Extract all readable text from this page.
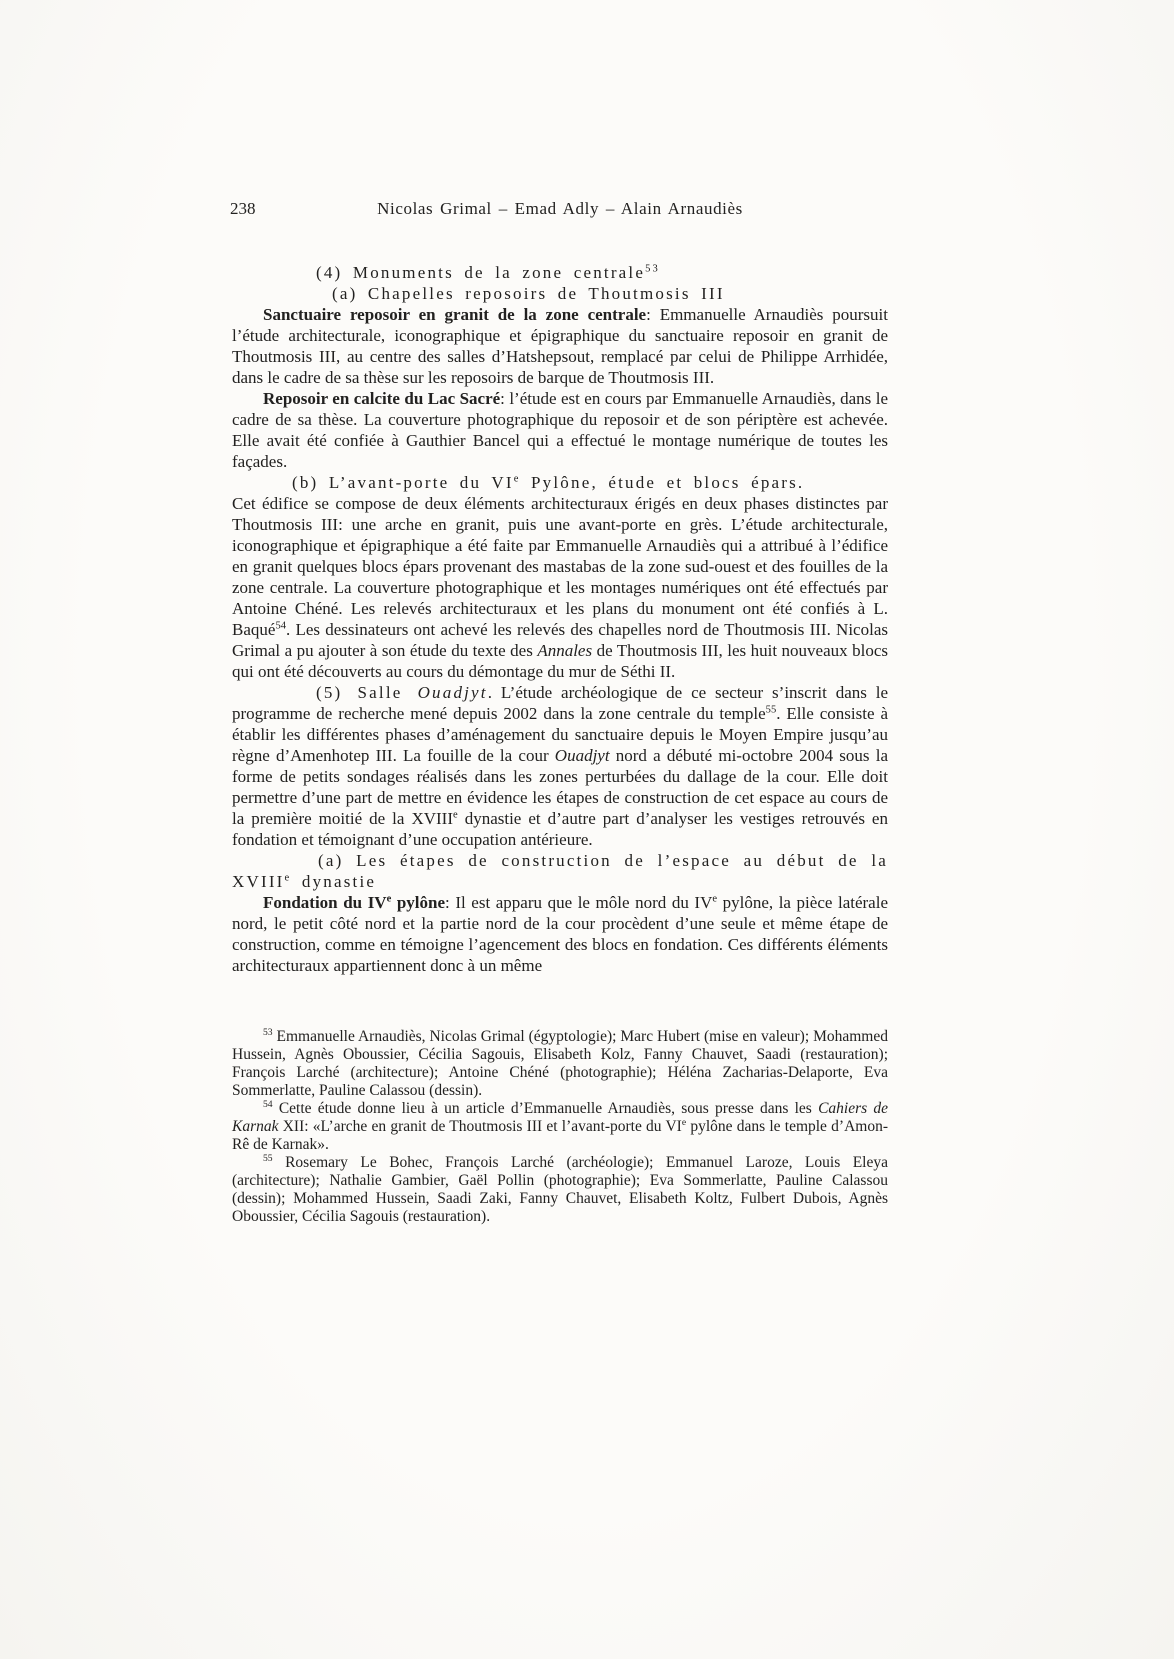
238	Nicolas Grimal – Emad Adly – Alain Arnaudiès
(4) Monuments de la zone centrale$^{53}$
(a) Chapelles reposoirs de Thoutmosis III

Sanctuaire reposoir en granit de la zone centrale: Emmanuelle Arnaudiès poursuit l’étude architecturale, iconographique et épigraphique du sanctuaire reposoir en granit de Thoutmosis III, au centre des salles d’Hatshepsout, remplacé par celui de Philippe Arrhidée, dans le cadre de sa thèse sur les reposoirs de barque de Thoutmosis III.

Reposoir en calcite du Lac Sacré: l’étude est en cours par Emmanuelle Arnaudiès, dans le cadre de sa thèse. La couverture photographique du reposoir et de son périptère est achevée. Elle avait été confiée à Gauthier Bancel qui a effectué le montage numérique de toutes les façades.

(b) L’avant-porte du VIe Pylône, étude et blocs épars.

Cet édifice se compose de deux éléments architecturaux érigés en deux phases distinctes par Thoutmosis III: une arche en granit, puis une avant-porte en grès. L’étude architecturale, iconographique et épigraphique a été faite par Emmanuelle Arnaudiès qui a attribué à l’édifice en granit quelques blocs épars provenant des mastabas de la zone sud-ouest et des fouilles de la zone centrale. La couverture photographique et les montages numériques ont été effectués par Antoine Chéné. Les relevés architecturaux et les plans du monument ont été confiés à L. Baqué$^{54}$. Les dessinateurs ont achevé les relevés des chapelles nord de Thoutmosis III. Nicolas Grimal a pu ajouter à son étude du texte des Annales de Thoutmosis III, les huit nouveaux blocs qui ont été découverts au cours du démontage du mur de Séthi II.

(5) Salle Ouadjyt. L’étude archéologique de ce secteur s’inscrit dans le programme de recherche mené depuis 2002 dans la zone centrale du temple$^{55}$. Elle consiste à établir les différentes phases d’aménagement du sanctuaire depuis le Moyen Empire jusqu’au règne d’Amenhotep III. La fouille de la cour Ouadjyt nord a débuté mi-octobre 2004 sous la forme de petits sondages réalisés dans les zones perturbées du dallage de la cour. Elle doit permettre d’une part de mettre en évidence les étapes de construction de cet espace au cours de la première moitié de la XVIIIe dynastie et d’autre part d’analyser les vestiges retrouvés en fondation et témoignant d’une occupation antérieure.

(a) Les étapes de construction de l’espace au début de la XVIIIe dynastie

Fondation du IVe pylône: Il est apparu que le môle nord du IVe pylône, la pièce latérale nord, le petit côté nord et la partie nord de la cour procèdent d’une seule et même étape de construction, comme en témoigne l’agencement des blocs en fondation. Ces différents éléments architecturaux appartiennent donc à un même

$^{53}$ Emmanuelle Arnaudiès, Nicolas Grimal (égyptologie); Marc Hubert (mise en valeur); Mohammed Hussein, Agnès Oboussier, Cécilia Sagouis, Elisabeth Kolz, Fanny Chauvet, Saadi (restauration); François Larché (architecture); Antoine Chéné (photographie); Héléna Zacharias-Delaporte, Eva Sommerlatte, Pauline Calassou (dessin).

$^{54}$ Cette étude donne lieu à un article d’Emmanuelle Arnaudiès, sous presse dans les Cahiers de Karnak XII: «L’arche en granit de Thoutmosis III et l’avant-porte du VIe pylône dans le temple d’Amon-Rê de Karnak».

$^{55}$ Rosemary Le Bohec, François Larché (archéologie); Emmanuel Laroze, Louis Eleya (architecture); Nathalie Gambier, Gaël Pollin (photographie); Eva Sommerlatte, Pauline Calassou (dessin); Mohammed Hussein, Saadi Zaki, Fanny Chauvet, Elisabeth Koltz, Fulbert Dubois, Agnès Oboussier, Cécilia Sagouis (restauration).
